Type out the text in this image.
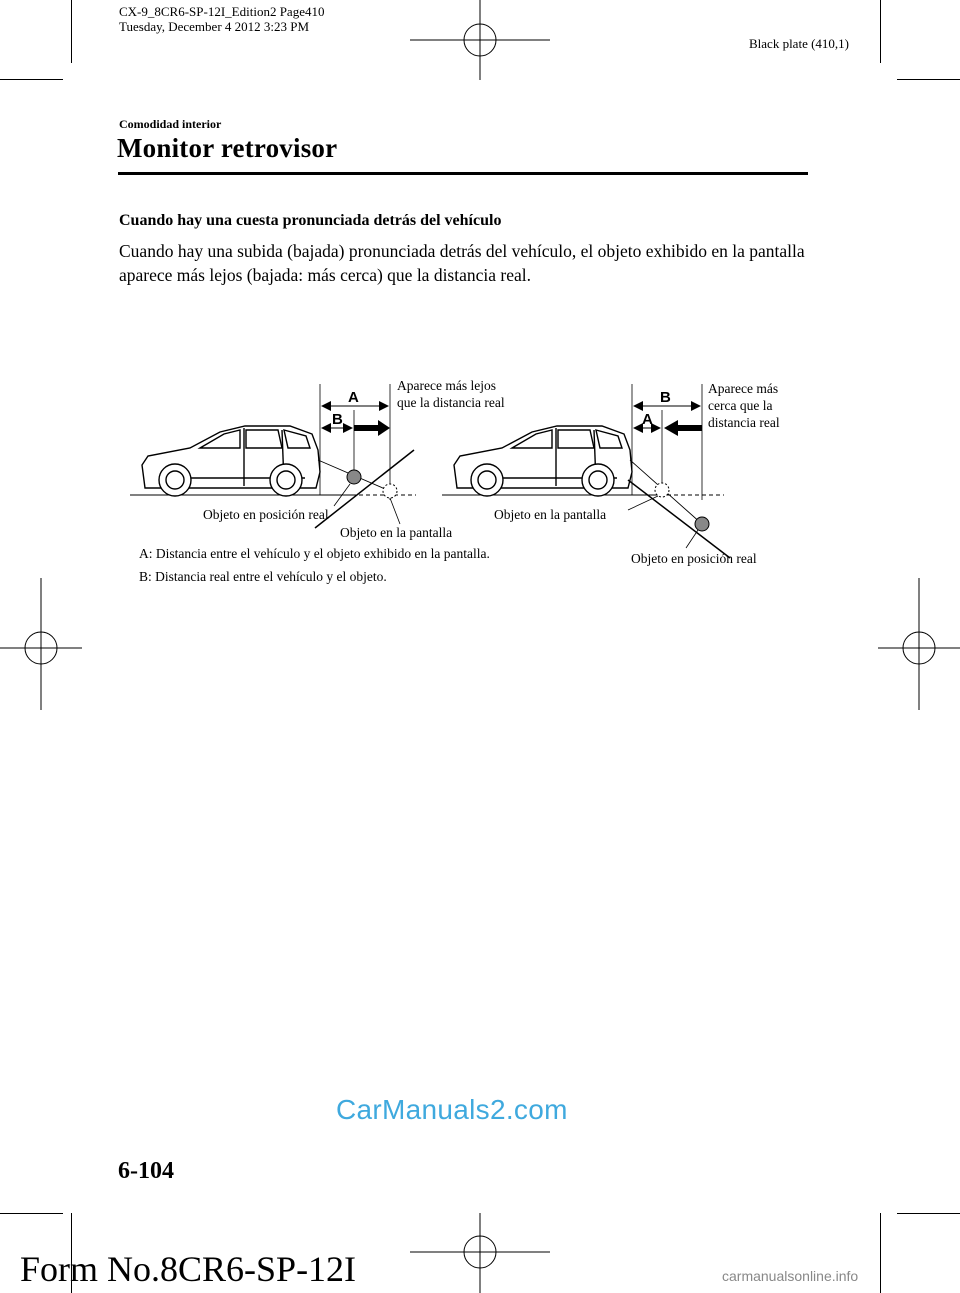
CX-9_8CR6-SP-12I_Edition2 Page410
Tuesday, December 4 2012 3:23 PM
Black plate (410,1)
Comodidad interior
Monitor retrovisor
Cuando hay una cuesta pronunciada detrás del vehículo
Cuando hay una subida (bajada) pronunciada detrás del vehículo, el objeto exhibido en la pantalla aparece más lejos (bajada: más cerca) que la distancia real.
A
B
B
A
Aparece más lejos
que la distancia real
Aparece más
cerca que la
distancia real
Objeto en posición real
Objeto en la pantalla
Objeto en la pantalla
Objeto en posición real
A: Distancia entre el vehículo y el objeto exhibido en la pantalla.
B: Distancia real entre el vehículo y el objeto.
6-104
CarManuals2.com
Form No.8CR6-SP-12I	carmanualsonline.info
